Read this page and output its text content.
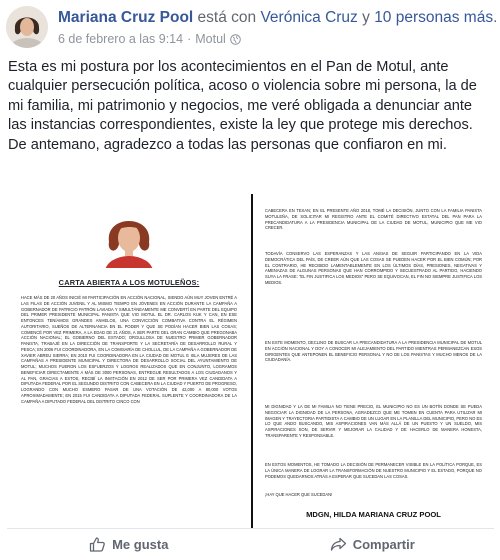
Mariana Cruz Pool está con Verónica Cruz y 10 personas más.
6 de febrero a las 9:14 · Motul
Esta es mi postura por los acontecimientos en el Pan de Motul, ante cualquier persecución política, acoso o violencia sobre mi persona, la de mi familia, mi patrimonio y negocios, me veré obligada a denunciar ante las instancias correspondientes, existe la ley que protege mis derechos. De antemano, agradezco a todas las personas que confiaron en mi.
CARTA ABIERTA A LOS MOTULEÑOS:
HACE MÁS DE 20 AÑOS INICIÉ MI PARTICIPACIÓN EN ACCIÓN NACIONAL, SIENDO AÚN MUY JOVEN ENTRÉ A LAS FILAS DE ACCIÓN JUVENIL Y AL MISMO TIEMPO EN JÓVENES EN ACCIÓN DURANTE LA CAMPAÑA A GOBERNADOR DE PATRICIO PATRÓN LAVIADA Y SIMULTÁNEAMENTE ME CONVERTÍ EN PARTE DEL EQUIPO DEL PRIMER PRESIDENTE MUNICIPAL PANISTA QUE VIO MOTUL EL DR. CARLOS KUK Y CAN, EN ESE ENTONCES TENÍAMOS GRANDES ANHELOS, UNA CONVICCIÓN COMBATIVA CONTRA EL RÉGIMEN AUTORITARIO, SUEÑOS DE ALTERNANCIA EN EL PODER Y QUE SE PODÍAN HACER BIEN LAS COSAS; COMENCÉ POR VEZ PRIMERA, A LA EDAD DE 21 AÑOS, A SER PARTE DEL GRAN CAMBIO QUE PREGONABA ACCIÓN NACIONAL; EL GOBIERNO DEL ESTADO; ORGULLOSA DE NUESTRO PRIMER GOBERNADOR PANISTA, TRABAJÉ EN LA DIRECCIÓN DE TRANSPORTE Y LA SECRETARÍA DE DESARROLLO RURAL Y PESCA; EN 2006 FUI COORDINADORA, EN LA COMISARÍA DE CHOLLUL, DE LA CAMPAÑA A GOBERNADOR DE XAVIER ABREU SIERRA; EN 2010 FUI COORDINADORA EN LA CIUDAD DE MOTUL E ISLA MUJERES DE LAS CAMPAÑAS A PRESIDENTE MUNICIPAL Y DIRECTORA DE DESARROLLO SOCIAL DEL AYUNTAMIENTO DE MOTUL; MUCHOS FUERON LOS ESFUERZOS Y LOGROS REALIZADOS QUE EN CONJUNTO, LOGRAMOS BENEFICIAR DIRECTAMENTE A MÁS DE 3000 PERSONAS, ENTREGUE RESULTADOS A LOS CIUDADANOS Y AL PAN, GRACIAS A ESTOS, RECIBÍ LA INVITACIÓN EN 2012 DE SER POR PRIMERA VEZ CANDIDATA A DIPUTADA FEDERAL POR EL SEGUNDO DISTRITO CON CABECERA EN LA CIUDAD Y PUERTO DE PROGRESO, LOGRANDO CON MUCHO ESMERO PASAR DE UNA VOTACIÓN DE 42,000 A 80,000 VOTOS APROXIMADAMENTE; EN 2015 FUI CANDIDATA A DIPUTADA FEDERAL SUPLENTE Y COORDINADORA DE LA CAMPAÑA A DIPUTADO FEDERAL DEL DISTRITO CINCO CON
CABECERA EN TEXAN; EN EL PRESENTE AÑO 2018, TOMÉ LA DECISIÓN, JUNTO CON LA FAMILIA PANISTA MOTULEÑA, DE SOLICITAR MI REGISTRO ANTE EL COMITÉ DIRECTIVO ESTATAL DEL PAN PARA LA PRECANDIDATURA A LA PRESIDENCIA MUNICIPAL DE LA CIUDAD DE MOTUL, MUNICIPIO QUE ME VIO CRECER.
TODAVÍA CONSERVO LAS ESPERANZAS Y LAS ANSIAS DE SEGUIR PARTICIPANDO EN LA VIDA DEMOCRÁTICA DEL PAÍS, DE CREER AÚN QUE LAS COSAS SE PUEDEN HACER POR EL BIEN COMÚN; POR EL CONTRARIO, HE RECIBIDO LAMENTABLEMENTE EN LOS ÚLTIMOS DÍAS, PRESIONES, NEGATIVAS Y AMENAZAS DE ALGUNAS PERSONAS QUE HAN CORROMPIDO Y SECUESTRADO AL PARTIDO, HACIENDO SUYA LA FRASE: "EL FIN JUSTIFICA LOS MEDIOS" PERO SE EQUIVOCAN, EL FIN NO SIEMPRE JUSTIFICA LOS MEDIOS.
EN ESTE MOMENTO, DECLINO DE BUSCAR LA PRECANDIDATURA A LA PRESIDENCIA MUNICIPAL DE MOTUL EN ACCIÓN NACIONAL Y DOY A CONOCER MI ALEJAMIENTO DEL PARTIDO MIENTRAS PERMANEZCAN ESOS DIRIGENTES QUE ANTEPONEN EL BENEFICIO PERSONAL Y NO DE LOS PANISTAS Y MUCHO MENOS DE LA CIUDADANÍA.
MI DIGNIDAD Y LA DE MI FAMILIA NO TIENE PRECIO, EL MUNICIPIO NO ES UN BOTÍN DONDE SE PUEDA NEGOCIAR LA DIGNIDAD DE LA PERSONA, AGRADEZCO QUE ME TOMEN EN CUENTA PARA UTILIZAR MI IMAGEN Y TRAYECTORIA PARTIDISTA A CAMBIO DE UN LUGAR EN LA PLANILLA DEL MUNICIPIO, PERO NO ES LO QUE ANDO BUSCANDO, MIS ASPIRACIONES VAN MÁS ALLÁ DE UN PUESTO Y UN SUELDO, MIS ASPIRACIONES SON, DE SERVIR Y MEJORAR LA CALIDAD Y DE HACERLO DE MANERA HONESTA, TRANSPARENTE Y RESPONSABLE.
EN ESTOS MOMENTOS, HE TOMADO LA DECISIÓN DE PERMANECER VISIBLE EN LA POLÍTICA PORQUE, ES LA ÚNICA MANERA DE LOGRAR LA TRANSFORMACIÓN DE NUESTRO MUNICIPIO Y EL ESTADO, PORQUE NO PODEMOS QUEDARNOS ATRÁS A ESPERAR QUE SUCEDAN LAS COSAS.
¡HAY QUE HACER QUE SUCEDAN!
MDGN, HILDA MARIANA CRUZ POOL
Me gusta	Compartir
